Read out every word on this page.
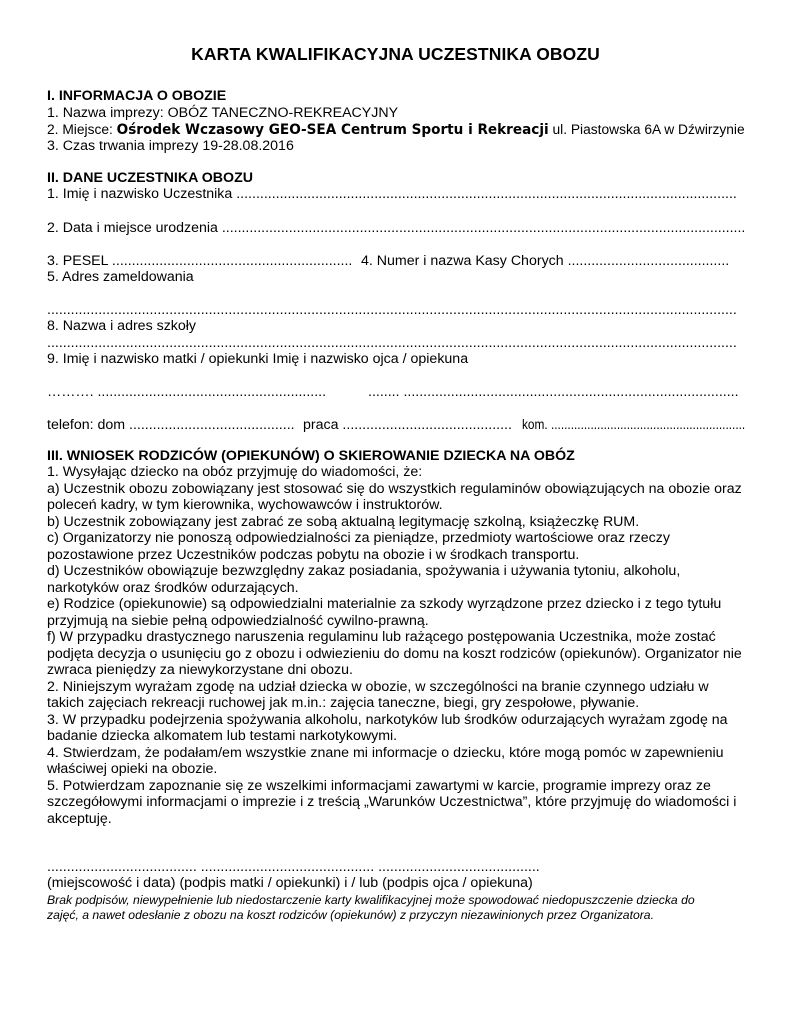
KARTA KWALIFIKACYJNA UCZESTNIKA OBOZU
I. INFORMACJA O OBOZIE
1. Nazwa imprezy: OBÓZ TANECZNO-REKREACYJNY
2. Miejsce: Ośrodek Wczasowy GEO-SEA Centrum Sportu i Rekreacji ul. Piastowska 6A w Dźwirzynie
3. Czas trwania imprezy 19-28.08.2016
II. DANE UCZESTNIKA OBOZU
1. Imię i nazwisko Uczestnika ...............................................................................................................................
2. Data i miejsce urodzenia .....................................................................................................................................
3. PESEL ............................................................. 4. Numer i nazwa Kasy Chorych .........................................
5. Adres zameldowania
...............................................................................................................................................................................
8. Nazwa i adres szkoły
...............................................................................................................................................................................
9. Imię i nazwisko matki / opiekunki Imię i nazwisko ojca / opiekuna
………. ..........................................................	........ .....................................................................................
telefon: dom .......................................... praca ........................................... kom. ...........................................................
III. WNIOSEK RODZICÓW (OPIEKUNÓW) O SKIEROWANIE DZIECKA NA OBÓZ
1. Wysyłając dziecko na obóz przyjmuję do wiadomości, że:
a) Uczestnik obozu zobowiązany jest stosować się do wszystkich regulaminów obowiązujących na obozie oraz
poleceń kadry, w tym kierownika, wychowawców i instruktorów.
b) Uczestnik zobowiązany jest zabrać ze sobą aktualną legitymację szkolną, książeczkę RUM.
c) Organizatorzy nie ponoszą odpowiedzialności za pieniądze, przedmioty wartościowe oraz rzeczy
pozostawione przez Uczestników podczas pobytu na obozie i w środkach transportu.
d) Uczestników obowiązuje bezwzględny zakaz posiadania, spożywania i używania tytoniu, alkoholu,
narkotyków oraz środków odurzających.
e) Rodzice (opiekunowie) są odpowiedzialni materialnie za szkody wyrządzone przez dziecko i z tego tytułu
przyjmują na siebie pełną odpowiedzialność cywilno-prawną.
f) W przypadku drastycznego naruszenia regulaminu lub rażącego postępowania Uczestnika, może zostać
podjęta decyzja o usunięciu go z obozu i odwiezieniu do domu na koszt rodziców (opiekunów). Organizator nie
zwraca pieniędzy za niewykorzystane dni obozu.
2. Niniejszym wyrażam zgodę na udział dziecka w obozie, w szczególności na branie czynnego udziału w
takich zajęciach rekreacji ruchowej jak m.in.: zajęcia taneczne, biegi, gry zespołowe, pływanie.
3. W przypadku podejrzenia spożywania alkoholu, narkotyków lub środków odurzających wyrażam zgodę na
badanie dziecka alkomatem lub testami narkotykowymi.
4. Stwierdzam, że podałam/em wszystkie znane mi informacje o dziecku, które mogą pomóc w zapewnieniu
właściwej opieki na obozie.
5. Potwierdzam zapoznanie się ze wszelkimi informacjami zawartymi w karcie, programie imprezy oraz ze
szczegółowymi informacjami o imprezie i z treścią „Warunków Uczestnictwa”, które przyjmuję do wiadomości i
akceptuję.
...................................... ............................................ .........................................
(miejscowość i data) (podpis matki / opiekunki) i / lub (podpis ojca / opiekuna)
Brak podpisów, niewypełnienie lub niedostarczenie karty kwalifikacyjnej może spowodować niedopuszczenie dziecka do
zajęć, a nawet odesłanie z obozu na koszt rodziców (opiekunów) z przyczyn niezawinionych przez Organizatora.
